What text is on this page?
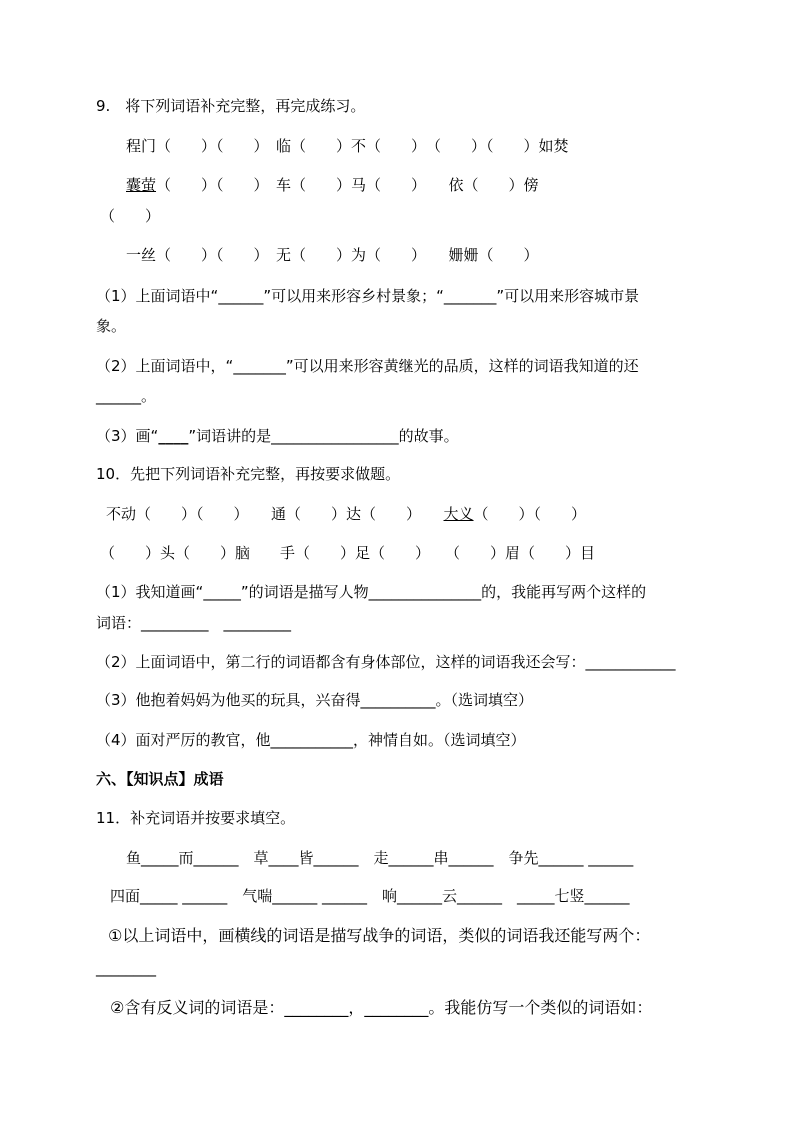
9.　将下列词语补充完整，再完成练习。
程门（　　）（　　）　临（　　）不（　　）　（　　）（　　）如焚
囊萤（　　）（　　）　车（　　）马（　　）　　依（　　）傍
（　　）
一丝（　　）（　　）　无（　　）为（　　）　　姗姗（　　）
（1）上面词语中“______”可以用来形容乡村景象；“_______”可以用来形容城市景
象。
（2）上面词语中，“_______”可以用来形容黄继光的品质，这样的词语我知道的还
______。
（3）画“____”词语讲的是_________________的故事。
10．先把下列词语补充完整，再按要求做题。
不动（　　）（　　）　　通（　　）达（　　）　　大义（　　）（　　）
（　　）头（　　）脑　　手（　　）足（　　）　　（　　）眉（　　）目
（1）我知道画“_____”的词语是描写人物_______________的，我能再写两个这样的
词语：_________　_________
（2）上面词语中，第二行的词语都含有身体部位，这样的词语我还会写：____________
（3）他抱着妈妈为他买的玩具，兴奋得__________。（选词填空）
（4）面对严厉的教官，他___________，神情自如。（选词填空）
六、【知识点】成语
11．补充词语并按要求填空。
鱼_____而______　草____皆______　走______串______　争先______ ______
四面_____ ______　气喘______ ______　响______云______　_____七竖______
①以上词语中，画横线的词语是描写战争的词语，类似的词语我还能写两个：
________
②含有反义词的词语是：________，________。我能仿写一个类似的词语如：
